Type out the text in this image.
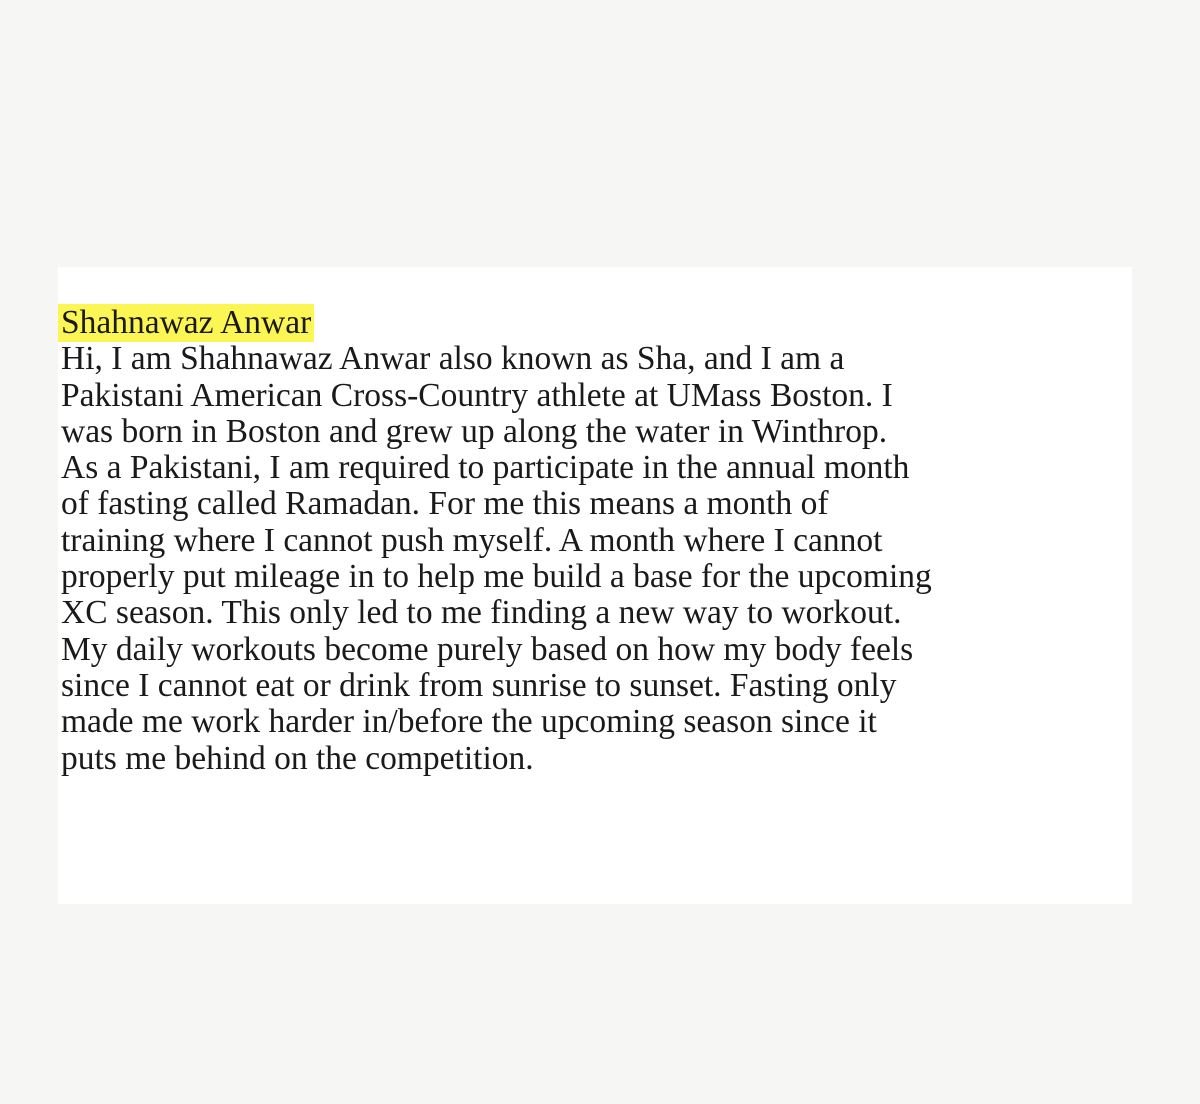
Shahnawaz Anwar
Hi, I am Shahnawaz Anwar also known as Sha, and I am a
Pakistani American Cross-Country athlete at UMass Boston. I
was born in Boston and grew up along the water in Winthrop.
As a Pakistani, I am required to participate in the annual month
of fasting called Ramadan. For me this means a month of
training where I cannot push myself. A month where I cannot
properly put mileage in to help me build a base for the upcoming
XC season. This only led to me finding a new way to workout.
My daily workouts become purely based on how my body feels
since I cannot eat or drink from sunrise to sunset. Fasting only
made me work harder in/before the upcoming season since it
puts me behind on the competition.
